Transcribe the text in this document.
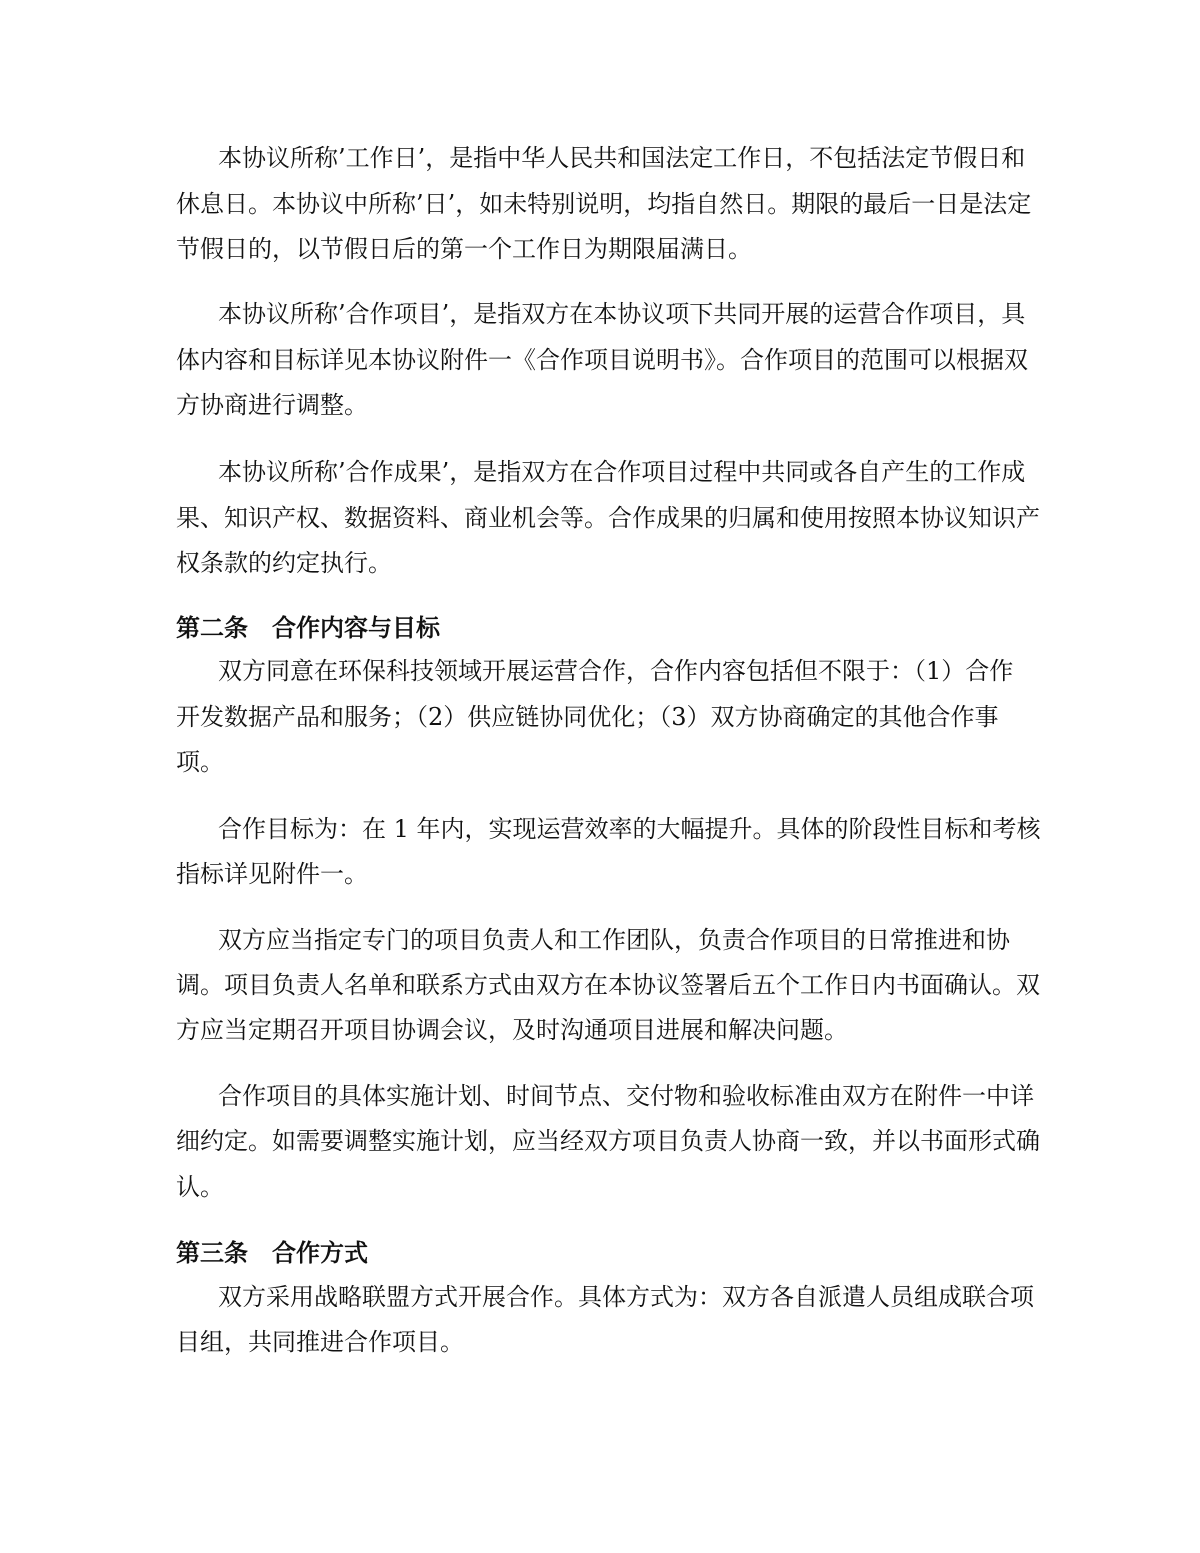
本协议所称’工作日’，是指中华人民共和国法定工作日，不包括法定节假日和

休息日。本协议中所称’日’，如未特别说明，均指自然日。期限的最后一日是法定

节假日的，以节假日后的第一个工作日为期限届满日。

本协议所称’合作项目’，是指双方在本协议项下共同开展的运营合作项目，具

体内容和目标详见本协议附件一《合作项目说明书》。合作项目的范围可以根据双

方协商进行调整。

本协议所称’合作成果’，是指双方在合作项目过程中共同或各自产生的工作成

果、知识产权、数据资料、商业机会等。合作成果的归属和使用按照本协议知识产

权条款的约定执行。

第二条　合作内容与目标

双方同意在环保科技领域开展运营合作，合作内容包括但不限于：（1）合作

开发数据产品和服务；（2）供应链协同优化；（3）双方协商确定的其他合作事

项。

合作目标为：在 1 年内，实现运营效率的大幅提升。具体的阶段性目标和考核

指标详见附件一。

双方应当指定专门的项目负责人和工作团队，负责合作项目的日常推进和协

调。项目负责人名单和联系方式由双方在本协议签署后五个工作日内书面确认。双

方应当定期召开项目协调会议，及时沟通项目进展和解决问题。

合作项目的具体实施计划、时间节点、交付物和验收标准由双方在附件一中详

细约定。如需要调整实施计划，应当经双方项目负责人协商一致，并以书面形式确

认。

第三条　合作方式

双方采用战略联盟方式开展合作。具体方式为：双方各自派遣人员组成联合项

目组，共同推进合作项目。
